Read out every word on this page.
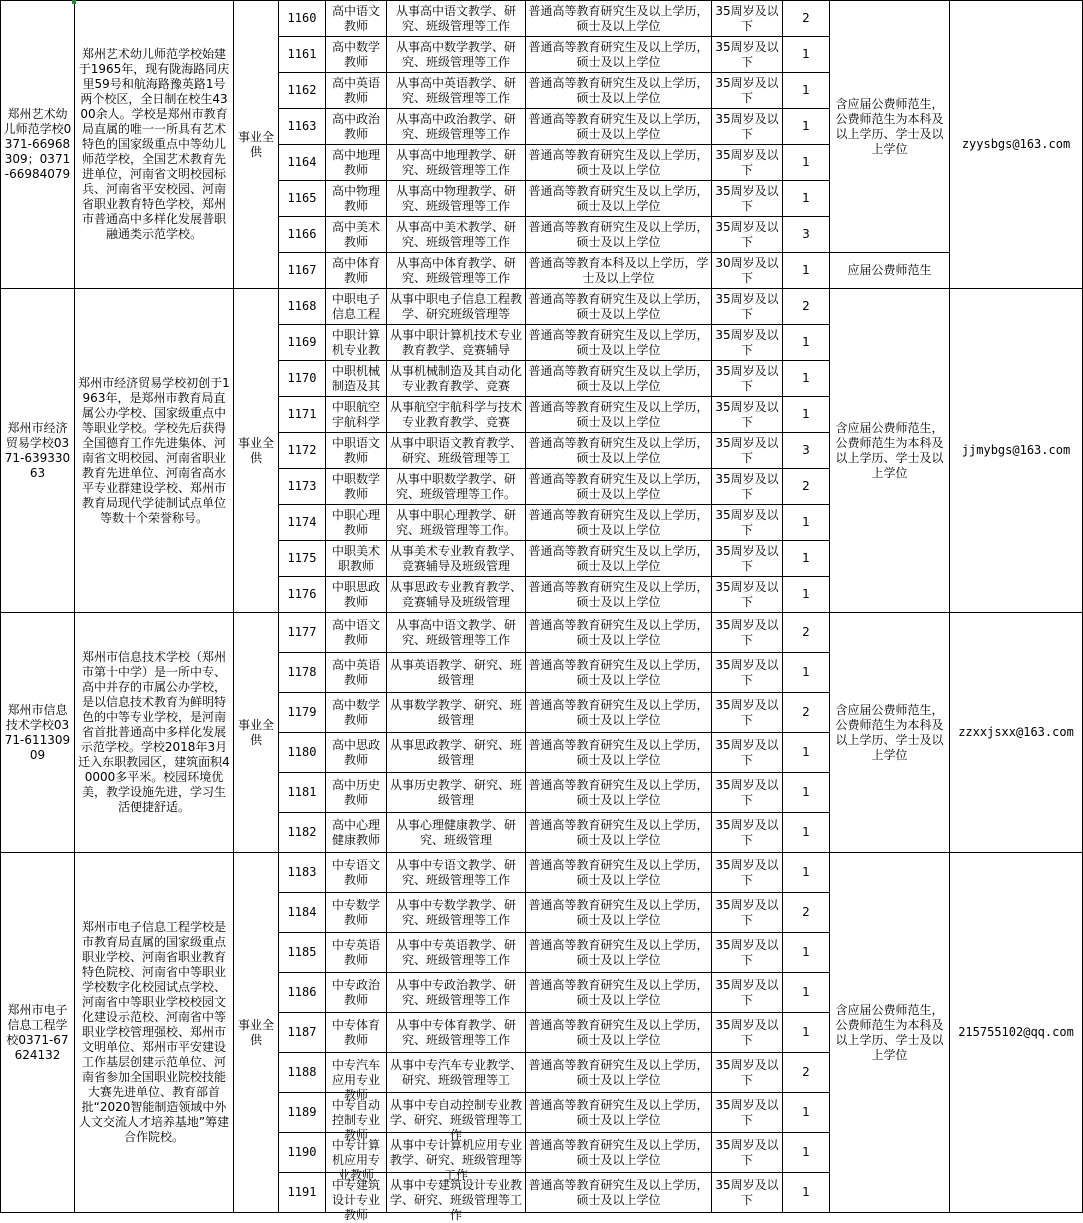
郑州艺术幼儿师范学校0371-66968309；0371-66984079	郑州艺术幼儿师范学校始建于1965年，现有陇海路同庆里59号和航海路豫英路1号两个校区，全日制在校生4300余人。学校是郑州市教育局直属的唯一一所具有艺术特色的国家级重点中等幼儿师范学校，全国艺术教育先进单位，河南省文明校园标兵、河南省平安校园、河南省职业教育特色学校，郑州市普通高中多样化发展普职融通类示范学校。	事业全供	1160	高中语文教师	从事高中语文教学、研究、班级管理等工作	普通高等教育研究生及以上学历，硕士及以上学位	35周岁及以下	2	含应届公费师范生，公费师范生为本科及以上学历、学士及以上学位	zyysbgs@163.com
			1161	高中数学教师	从事高中数学教学、研究、班级管理等工作	普通高等教育研究生及以上学历，硕士及以上学位	35周岁及以下	1		
			1162	高中英语教师	从事高中英语教学、研究、班级管理等工作	普通高等教育研究生及以上学历，硕士及以上学位	35周岁及以下	1		
			1163	高中政治教师	从事高中政治教学、研究、班级管理等工作	普通高等教育研究生及以上学历，硕士及以上学位	35周岁及以下	1		
			1164	高中地理教师	从事高中地理教学、研究、班级管理等工作	普通高等教育研究生及以上学历，硕士及以上学位	35周岁及以下	1		
			1165	高中物理教师	从事高中物理教学、研究、班级管理等工作	普通高等教育研究生及以上学历，硕士及以上学位	35周岁及以下	1		
			1166	高中美术教师	从事高中美术教学、研究、班级管理等工作	普通高等教育研究生及以上学历，硕士及以上学位	35周岁及以下	3		
			1167	高中体育教师	从事高中体育教学、研究、班级管理等工作	普通高等教育本科及以上学历，学士及以上学位	30周岁及以下	1	应届公费师范生	
郑州市经济贸易学校0371-63933063	郑州市经济贸易学校初创于1963年，是郑州市教育局直属公办学校、国家级重点中等职业学校。学校先后获得全国德育工作先进集体、河南省文明校园、河南省职业教育先进单位、河南省高水平专业群建设学校、郑州市教育局现代学徒制试点单位等数十个荣誉称号。	事业全供	1168	中职电子信息工程	从事中职电子信息工程教学、研究班级管理等	普通高等教育研究生及以上学历，硕士及以上学位	35周岁及以下	2	含应届公费师范生，公费师范生为本科及以上学历、学士及以上学位	jjmybgs@163.com
			1169	中职计算机专业教	从事中职计算机技术专业教育教学、竞赛辅导	普通高等教育研究生及以上学历，硕士及以上学位	35周岁及以下	1		
			1170	中职机械制造及其	从事机械制造及其自动化专业教育教学、竞赛	普通高等教育研究生及以上学历，硕士及以上学位	35周岁及以下	1		
			1171	中职航空宇航科学	从事航空宇航科学与技术专业教育教学、竞赛	普通高等教育研究生及以上学历，硕士及以上学位	35周岁及以下	1		
			1172	中职语文教师	从事中职语文教育教学、研究、班级管理等工	普通高等教育研究生及以上学历，硕士及以上学位	35周岁及以下	3		
			1173	中职数学教师	从事中职数学教学、研究、班级管理等工作。	普通高等教育研究生及以上学历，硕士及以上学位	35周岁及以下	2		
			1174	中职心理教师	从事中职心理教学、研究、班级管理等工作。	普通高等教育研究生及以上学历，硕士及以上学位	35周岁及以下	1		
			1175	中职美术职教师	从事美术专业教育教学、竞赛辅导及班级管理	普通高等教育研究生及以上学历，硕士及以上学位	35周岁及以下	1		
			1176	中职思政教师	从事思政专业教育教学、竞赛辅导及班级管理	普通高等教育研究生及以上学历，硕士及以上学位	35周岁及以下	1		
郑州市信息技术学校0371-61130909	郑州市信息技术学校（郑州市第十中学）是一所中专、高中并存的市属公办学校，是以信息技术教育为鲜明特色的中等专业学校，是河南省首批普通高中多样化发展示范学校。学校2018年3月迁入东职教园区，建筑面积40000多平米。校园环境优美，教学设施先进，学习生活便捷舒适。	事业全供	1177	高中语文教师	从事高中语文教学、研究、班级管理等工作	普通高等教育研究生及以上学历，硕士及以上学位	35周岁及以下	2	含应届公费师范生，公费师范生为本科及以上学历、学士及以上学位	zzxxjsxx@163.com
			1178	高中英语教师	从事英语教学、研究、班级管理	普通高等教育研究生及以上学历，硕士及以上学位	35周岁及以下	1		
			1179	高中数学教师	从事数学教学、研究、班级管理	普通高等教育研究生及以上学历，硕士及以上学位	35周岁及以下	2		
			1180	高中思政教师	从事思政教学、研究、班级管理	普通高等教育研究生及以上学历，硕士及以上学位	35周岁及以下	1		
			1181	高中历史教师	从事历史教学、研究、班级管理	普通高等教育研究生及以上学历，硕士及以上学位	35周岁及以下	1		
			1182	高中心理健康教师	从事心理健康教学、研究、班级管理	普通高等教育研究生及以上学历，硕士及以上学位	35周岁及以下	1		
郑州市电子信息工程学校0371-67624132	郑州市电子信息工程学校是市教育局直属的国家级重点职业学校、河南省职业教育特色院校、河南省中等职业学校数字化校园试点学校、河南省中等职业学校校园文化建设示范校、河南省中等职业学校管理强校、郑州市文明单位、郑州市平安建设工作基层创建示范单位、河南省参加全国职业院校技能大赛先进单位、教育部首批“2020智能制造领域中外人文交流人才培养基地”筹建合作院校。	事业全供	1183	中专语文教师	从事中专语文教学、研究、班级管理等工作	普通高等教育研究生及以上学历，硕士及以上学位	35周岁及以下	1	含应届公费师范生，公费师范生为本科及以上学历、学士及以上学位	215755102@qq.com
			1184	中专数学教师	从事中专数学教学、研究、班级管理等工作	普通高等教育研究生及以上学历，硕士及以上学位	35周岁及以下	2		
			1185	中专英语教师	从事中专英语教学、研究、班级管理等工作	普通高等教育研究生及以上学历，硕士及以上学位	35周岁及以下	1		
			1186	中专政治教师	从事中专政治教学、研究、班级管理等工作	普通高等教育研究生及以上学历，硕士及以上学位	35周岁及以下	1		
			1187	中专体育教师	从事中专体育教学、研究、班级管理等工作	普通高等教育研究生及以上学历，硕士及以上学位	35周岁及以下	1		
			1188	中专汽车应用专业教师	从事中专汽车专业教学、研究、班级管理等工	普通高等教育研究生及以上学历，硕士及以上学位	35周岁及以下	2		
			1189	中专自动控制专业教师	从事中专自动控制专业教学、研究、班级管理等工作	普通高等教育研究生及以上学历，硕士及以上学位	35周岁及以下	1		
			1190	中专计算机应用专业教师	从事中专计算机应用专业教学、研究、班级管理等工作	普通高等教育研究生及以上学历，硕士及以上学位	35周岁及以下	1		
			1191	中专建筑设计专业教师	从事中专建筑设计专业教学、研究、班级管理等工作	普通高等教育研究生及以上学历，硕士及以上学位	35周岁及以下	1		
